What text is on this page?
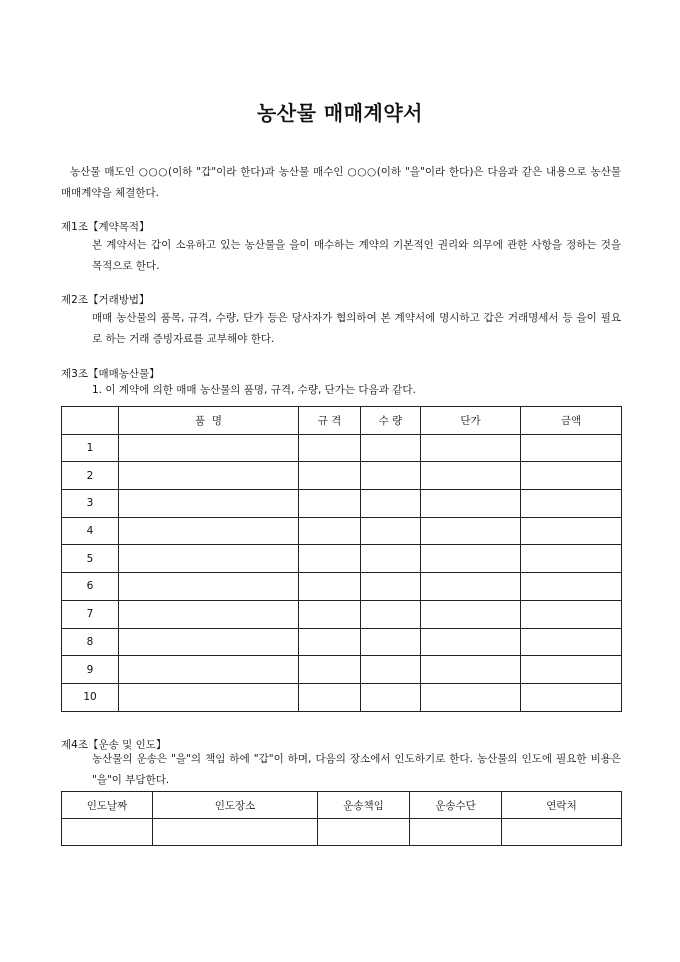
농산물 매매계약서
농산물 매도인 ○○○(이하 "갑"이라 한다)과 농산물 매수인 ○○○(이하 "을"이라 한다)은 다음과 같은 내용으로 농산물 매매계약을 체결한다.
제1조【계약목적】
본 계약서는 갑이 소유하고 있는 농산물을 을이 매수하는 계약의 기본적인 권리와 의무에 관한 사항을 정하는 것을 목적으로 한다.
제2조【거래방법】
매매 농산물의 품목, 규격, 수량, 단가 등은 당사자가 협의하여 본 계약서에 명시하고 갑은 거래명세서 등 을이 필요로 하는 거래 증빙자료를 교부해야 한다.
제3조【매매농산물】
1. 이 계약에 의한 매매 농산물의 품명, 규격, 수량, 단가는 다음과 같다.
	품  명	규 격	수 량	단가	금액
1					
2					
3					
4					
5					
6					
7					
8					
9					
10					
제4조【운송 및 인도】
농산물의 운송은 "을"의 책임 하에 "갑"이 하며, 다음의 장소에서 인도하기로 한다. 농산물의 인도에 필요한 비용은 "을"이 부담한다.
인도날짜	인도장소	운송책임	운송수단	연락처
